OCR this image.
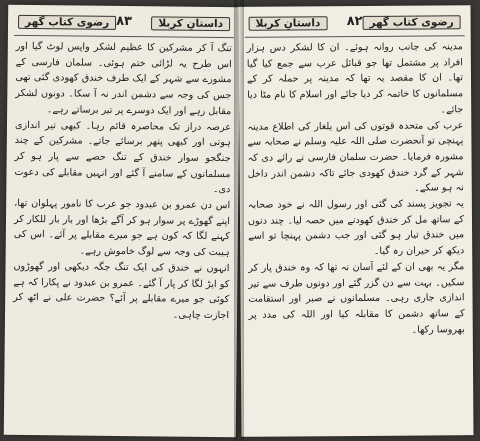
داستانِ کربلا
۸۳
رضوی کتاب گھر

تنگ آ کر مشرکین کا عظیم لشکر واپس لوٹ گیا اور اس طرح یہ لڑائی ختم ہوئی۔ سلمان فارسی کے مشورے سے شہر کے ایک طرف خندق کھودی گئی تھی جس کی وجہ سے دشمن اندر نہ آ سکا۔ دونوں لشکر مقابل رہے اور ایک دوسرے پر تیر برساتے رہے۔

عرصہ دراز تک محاصرہ قائم رہا۔ کبھی تیر اندازی ہوتی اور کبھی پتھر برسائے جاتے۔ مشرکین کے چند جنگجو سوار خندق کے تنگ حصے سے پار ہو کر مسلمانوں کے سامنے آ گئے اور انہیں مقابلے کی دعوت دی۔

اس دن عمرو بن عبدود جو عرب کا نامور پہلوان تھا، اپنے گھوڑے پر سوار ہو کر آگے بڑھا اور بار بار للکار کر کہنے لگا کہ کون ہے جو میرے مقابلے پر آئے۔ اس کی ہیبت کی وجہ سے لوگ خاموش رہے۔

انہوں نے خندق کی ایک تنگ جگہ دیکھی اور گھوڑوں کو ایڑ لگا کر پار آ گئے۔ عمرو بن عبدود نے پکارا کہ ہے کوئی جو میرے مقابلے پر آئے؟ حضرت علی نے اٹھ کر اجازت چاہی۔

رضوی کتاب گھر
۸۲
داستانِ کربلا

مدینہ کی جانب روانہ ہوئے۔ ان کا لشکر دس ہزار افراد پر مشتمل تھا جو قبائل عرب سے جمع کیا گیا تھا۔ ان کا مقصد یہ تھا کہ مدینہ پر حملہ کر کے مسلمانوں کا خاتمہ کر دیا جائے اور اسلام کا نام مٹا دیا جائے۔

عرب کی متحدہ قوتوں کی اس یلغار کی اطلاع مدینہ پہنچی تو آنحضرت صلی اللہ علیہ وسلم نے صحابہ سے مشورہ فرمایا۔ حضرت سلمان فارسی نے رائے دی کہ شہر کے گرد خندق کھودی جائے تاکہ دشمن اندر داخل نہ ہو سکے۔

یہ تجویز پسند کی گئی اور رسول اللہ نے خود صحابہ کے ساتھ مل کر خندق کھودنے میں حصہ لیا۔ چند دنوں میں خندق تیار ہو گئی اور جب دشمن پہنچا تو اسے دیکھ کر حیران رہ گیا۔

مگر یہ بھی ان کے لئے آسان نہ تھا کہ وہ خندق پار کر سکیں۔ بہت سے دن گزر گئے اور دونوں طرف سے تیر اندازی جاری رہی۔ مسلمانوں نے صبر اور استقامت کے ساتھ دشمن کا مقابلہ کیا اور اللہ کی مدد پر بھروسا رکھا۔
